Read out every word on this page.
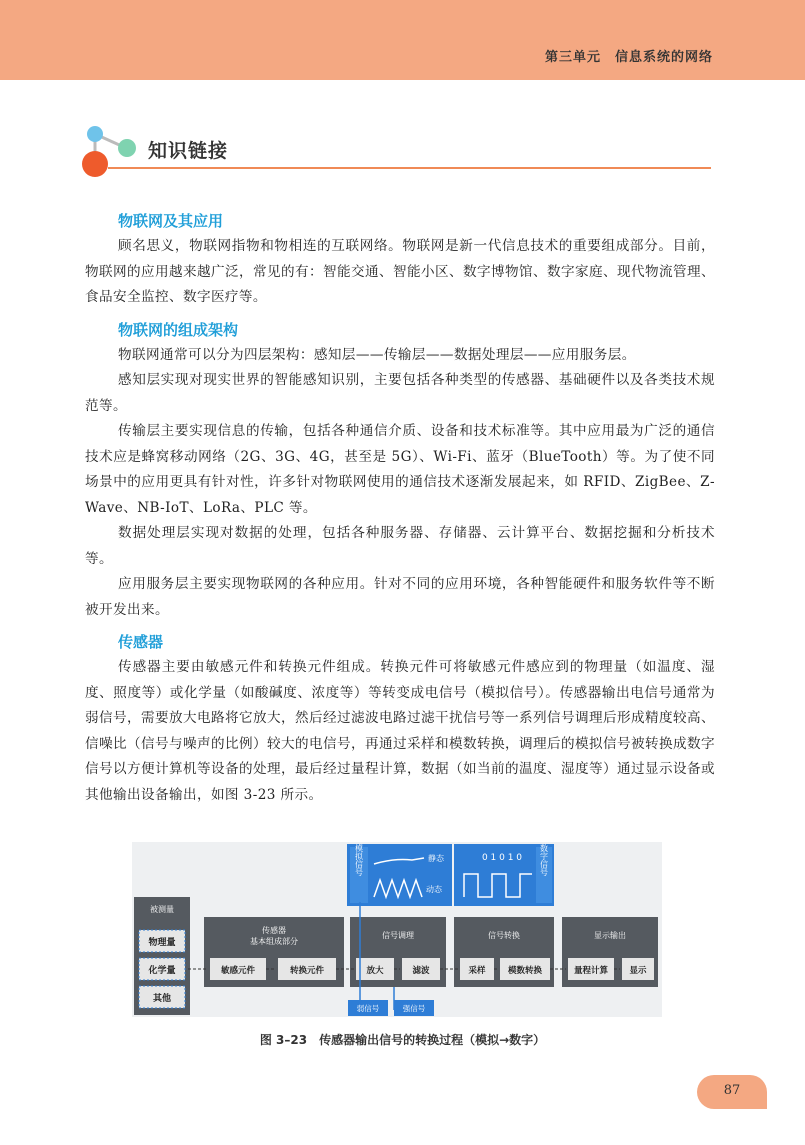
第三单元　信息系统的网络
知识链接
物联网及其应用

顾名思义，物联网指物和物相连的互联网络。物联网是新一代信息技术的重要组成部分。目前，物联网的应用越来越广泛，常见的有：智能交通、智能小区、数字博物馆、数字家庭、现代物流管理、食品安全监控、数字医疗等。

物联网的组成架构

物联网通常可以分为四层架构：感知层——传输层——数据处理层——应用服务层。

感知层实现对现实世界的智能感知识别，主要包括各种类型的传感器、基础硬件以及各类技术规范等。

传输层主要实现信息的传输，包括各种通信介质、设备和技术标准等。其中应用最为广泛的通信技术应是蜂窝移动网络（2G、3G、4G，甚至是 5G）、Wi-Fi、蓝牙（BlueTooth）等。为了使不同场景中的应用更具有针对性，许多针对物联网使用的通信技术逐渐发展起来，如 RFID、ZigBee、Z-Wave、NB-IoT、LoRa、PLC 等。

数据处理层实现对数据的处理，包括各种服务器、存储器、云计算平台、数据挖掘和分析技术等。

应用服务层主要实现物联网的各种应用。针对不同的应用环境，各种智能硬件和服务软件等不断被开发出来。

传感器

传感器主要由敏感元件和转换元件组成。转换元件可将敏感元件感应到的物理量（如温度、湿度、照度等）或化学量（如酸碱度、浓度等）等转变成电信号（模拟信号）。传感器输出电信号通常为弱信号，需要放大电路将它放大，然后经过滤波电路过滤干扰信号等一系列信号调理后形成精度较高、信噪比（信号与噪声的比例）较大的电信号，再通过采样和模数转换，调理后的模拟信号被转换成数字信号以方便计算机等设备的处理，最后经过量程计算，数据（如当前的温度、湿度等）通过显示设备或其他输出设备输出，如图 3-23 所示。

模拟信号	静态
动态
0 1 0 1 0 数字信号
被测量
物理量
化学量
其他
传感器
基本组成部分
敏感元件	转换元件
信号调理
放大	滤波
信号转换
采样	模数转换
显示输出
量程计算	显示
弱信号	强信号
图 3–23　传感器输出信号的转换过程（模拟→数字）
87
